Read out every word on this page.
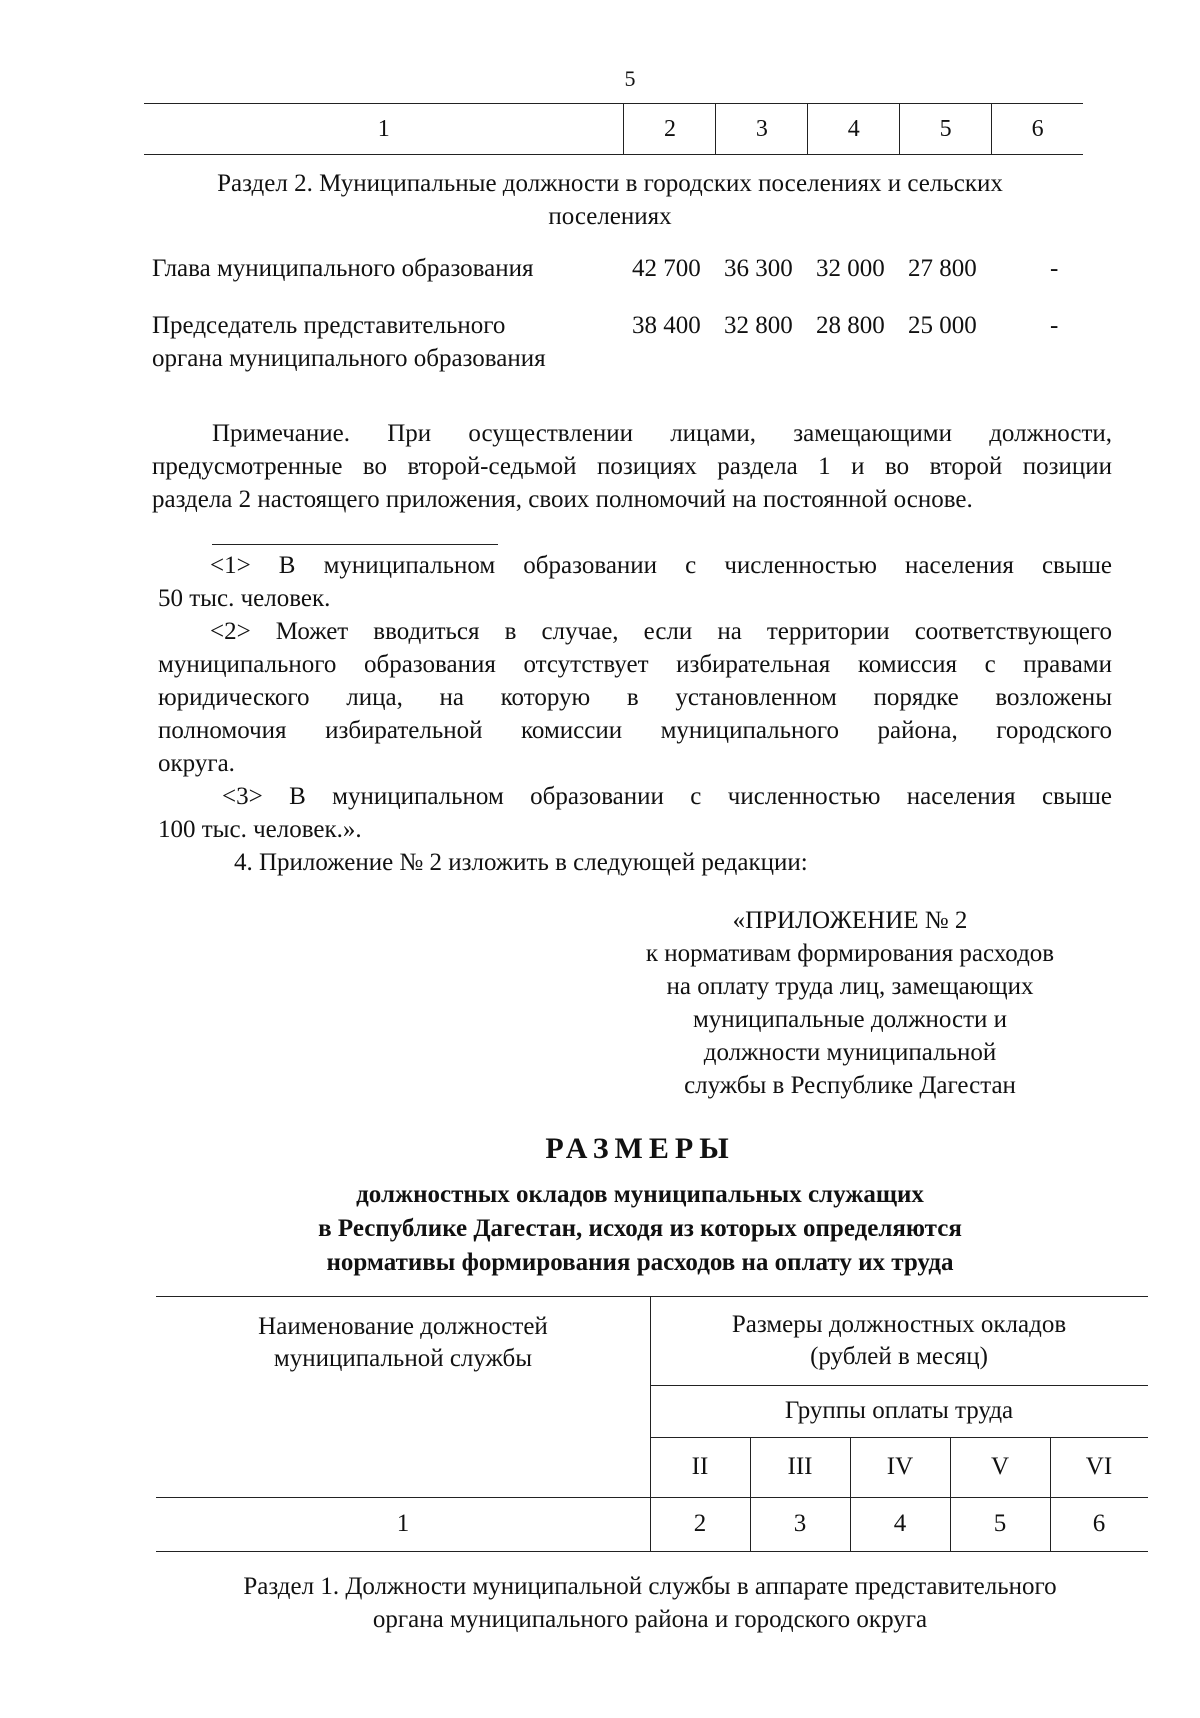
5
1	2	3	4	5	6
Раздел 2. Муниципальные должности в городских поселениях и сельских
поселениях
Глава муниципального образования	42 700 36 300 32 000 27 800	-
Председатель представительного
органа муниципального образования
38 400 32 800 28 800 25 000	-
Примечание. При осуществлении лицами, замещающими должности,
предусмотренные во второй-седьмой позициях раздела 1 и во второй позиции
раздела 2 настоящего приложения, своих полномочий на постоянной основе.
<1> В муниципальном образовании с численностью населения свыше
50 тыс. человек.
<2> Может вводиться в случае, если на территории соответствующего
муниципального образования отсутствует избирательная комиссия с правами
юридического лица, на которую в установленном порядке возложены
полномочия избирательной комиссии муниципального района, городского
округа.
<3> В муниципальном образовании с численностью населения свыше
100 тыс. человек.».
4. Приложение № 2 изложить в следующей редакции:
«ПРИЛОЖЕНИЕ № 2
к нормативам формирования расходов
на оплату труда лиц, замещающих
муниципальные должности и
должности муниципальной
службы в Республике Дагестан
РАЗМЕРЫ
должностных окладов муниципальных служащих
в Республике Дагестан, исходя из которых определяются
нормативы формирования расходов на оплату их труда
Наименование должностей
муниципальной службы
Размеры должностных окладов
(рублей в месяц)
Группы оплаты труда
II	III	IV	V	VI
1	2	3	4	5	6
Раздел 1. Должности муниципальной службы в аппарате представительного
органа муниципального района и городского округа
